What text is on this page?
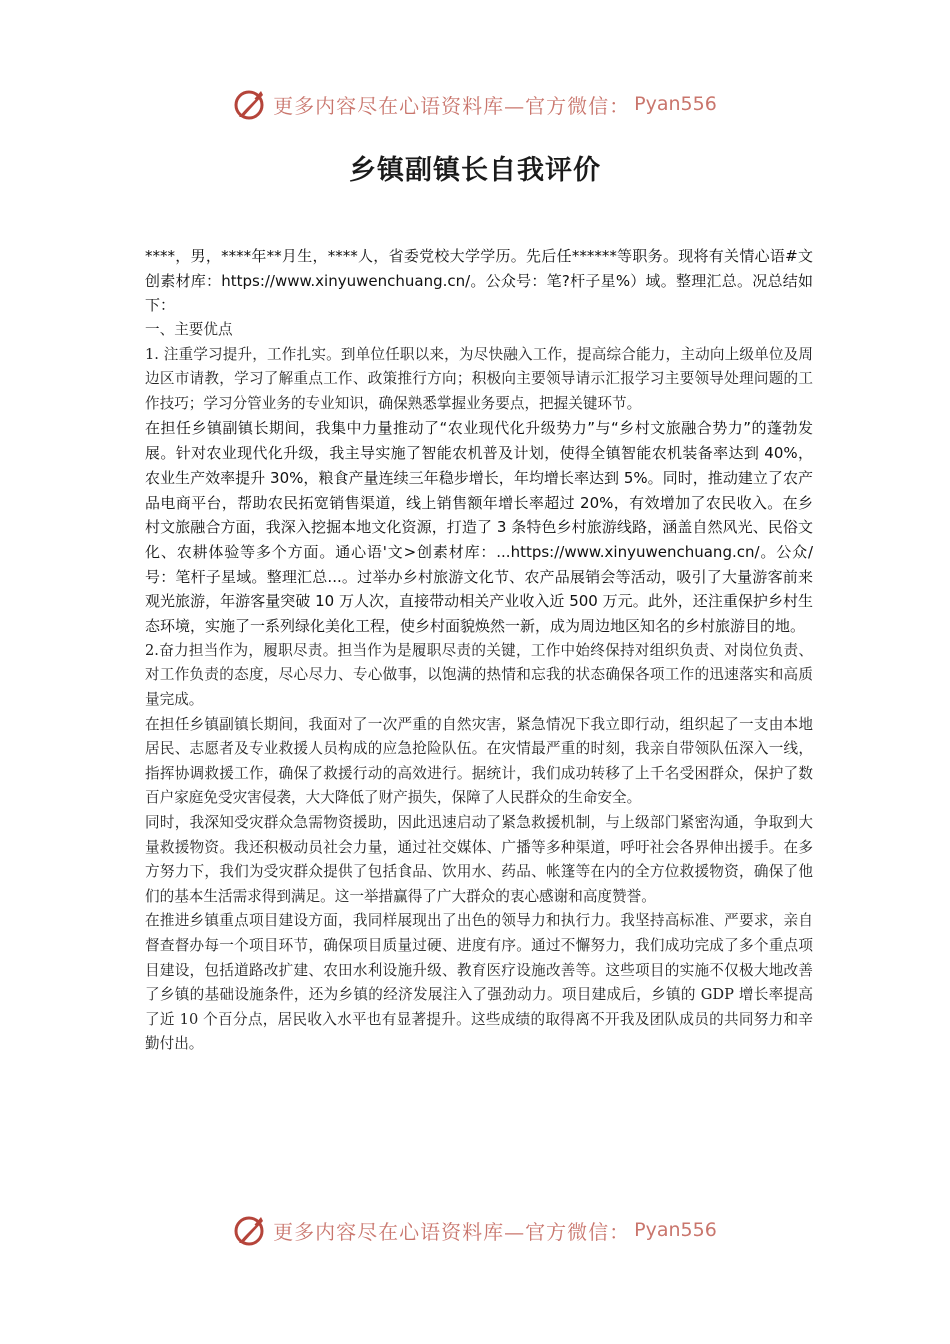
更多内容尽在心语资料库—官方微信： Pyan556
乡镇副镇长自我评价

****，男，****年**月生，****人，省委党校大学学历。先后任******等职务。现将有关情心语#文创素材库：https://www.xinyuwenchuang.cn/。公众号：笔?杆子星%）域。整理汇总。况总结如下：

一、主要优点

1. 注重学习提升，工作扎实。到单位任职以来，为尽快融入工作，提高综合能力，主动向上级单位及周边区市请教，学习了解重点工作、政策推行方向；积极向主要领导请示汇报学习主要领导处理问题的工作技巧；学习分管业务的专业知识，确保熟悉掌握业务要点，把握关键环节。

在担任乡镇副镇长期间，我集中力量推动了“农业现代化升级势力”与“乡村文旅融合势力”的蓬勃发展。针对农业现代化升级，我主导实施了智能农机普及计划，使得全镇智能农机装备率达到 40%，农业生产效率提升 30%，粮食产量连续三年稳步增长，年均增长率达到 5%。同时，推动建立了农产品电商平台，帮助农民拓宽销售渠道，线上销售额年增长率超过 20%，有效增加了农民收入。在乡村文旅融合方面，我深入挖掘本地文化资源，打造了 3 条特色乡村旅游线路，涵盖自然风光、民俗文化、农耕体验等多个方面。通心语'文>创素材库：...https://www.xinyuwenchuang.cn/。公众/号：笔杆子星域。整理汇总...。过举办乡村旅游文化节、农产品展销会等活动，吸引了大量游客前来观光旅游，年游客量突破 10 万人次，直接带动相关产业收入近 500 万元。此外，还注重保护乡村生态环境，实施了一系列绿化美化工程，使乡村面貌焕然一新，成为周边地区知名的乡村旅游目的地。

2.奋力担当作为，履职尽责。担当作为是履职尽责的关键，工作中始终保持对组织负责、对岗位负责、对工作负责的态度，尽心尽力、专心做事，以饱满的热情和忘我的状态确保各项工作的迅速落实和高质量完成。

在担任乡镇副镇长期间，我面对了一次严重的自然灾害，紧急情况下我立即行动，组织起了一支由本地居民、志愿者及专业救援人员构成的应急抢险队伍。在灾情最严重的时刻，我亲自带领队伍深入一线，指挥协调救援工作，确保了救援行动的高效进行。据统计，我们成功转移了上千名受困群众，保护了数百户家庭免受灾害侵袭，大大降低了财产损失，保障了人民群众的生命安全。

同时，我深知受灾群众急需物资援助，因此迅速启动了紧急救援机制，与上级部门紧密沟通，争取到大量救援物资。我还积极动员社会力量，通过社交媒体、广播等多种渠道，呼吁社会各界伸出援手。在多方努力下，我们为受灾群众提供了包括食品、饮用水、药品、帐篷等在内的全方位救援物资，确保了他们的基本生活需求得到满足。这一举措赢得了广大群众的衷心感谢和高度赞誉。

在推进乡镇重点项目建设方面，我同样展现出了出色的领导力和执行力。我坚持高标准、严要求，亲自督查督办每一个项目环节，确保项目质量过硬、进度有序。通过不懈努力，我们成功完成了多个重点项目建设，包括道路改扩建、农田水利设施升级、教育医疗设施改善等。这些项目的实施不仅极大地改善了乡镇的基础设施条件，还为乡镇的经济发展注入了强劲动力。项目建成后，乡镇的 GDP 增长率提高了近 10 个百分点，居民收入水平也有显著提升。这些成绩的取得离不开我及团队成员的共同努力和辛勤付出。

更多内容尽在心语资料库—官方微信： Pyan556
